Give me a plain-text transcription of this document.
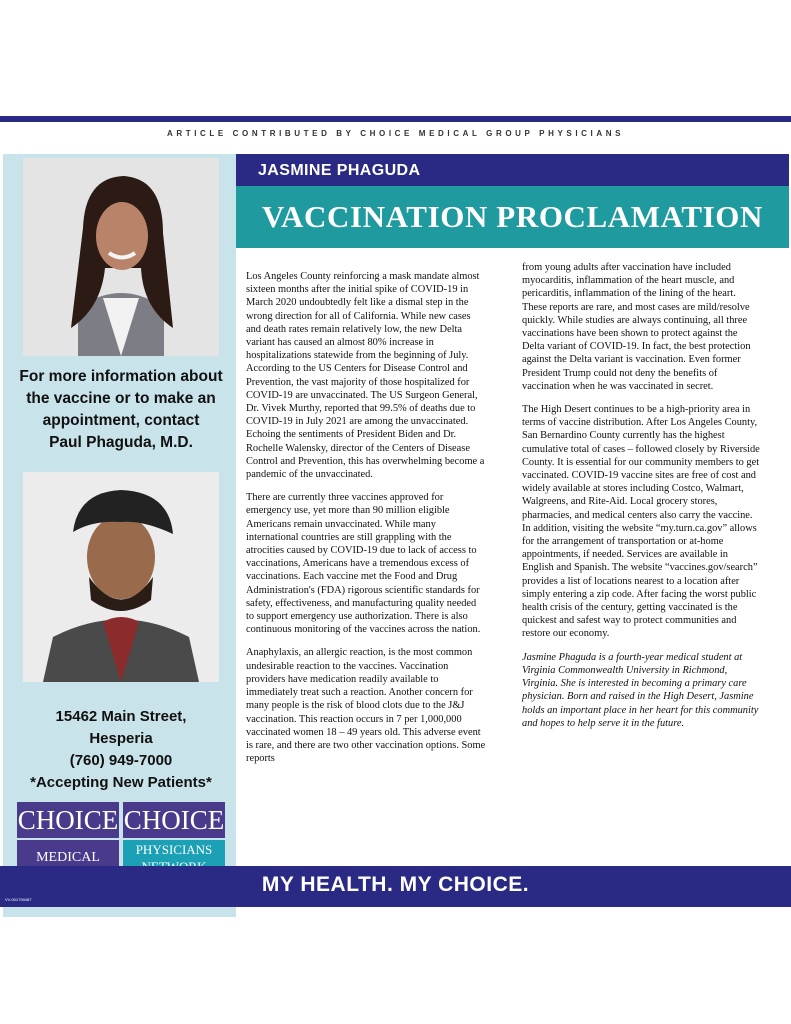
ARTICLE CONTRIBUTED BY CHOICE MEDICAL GROUP PHYSICIANS
For more information about
the vaccine or to make an
appointment, contact
Paul Phaguda, M.D.
15462 Main Street,
Hesperia
(760) 949-7000
*Accepting New Patients*
CHOICE
MEDICAL
CHOICE
PHYSICIANS
JASMINE PHAGUDA
VACCINATION PROCLAMATION

Los Angeles County reinforcing a mask mandate almost sixteen months after the initial spike of COVID-19 in March 2020 undoubtedly felt like a dismal step in the wrong direction for all of California. While new cases and death rates remain relatively low, the new Delta variant has caused an almost 80% increase in hospitalizations statewide from the beginning of July. According to the US Centers for Disease Control and Prevention, the vast majority of those hospitalized for COVID-19 are unvaccinated. The US Surgeon General, Dr. Vivek Murthy, reported that 99.5% of deaths due to COVID-19 in July 2021 are among the unvaccinated. Echoing the sentiments of President Biden and Dr. Rochelle Walensky, director of the Centers of Disease Control and Prevention, this has overwhelming become a pandemic of the unvaccinated.

There are currently three vaccines approved for emergency use, yet more than 90 million eligible Americans remain unvaccinated. While many international countries are still grappling with the atrocities caused by COVID-19 due to lack of access to vaccinations, Americans have a tremendous excess of vaccinations. Each vaccine met the Food and Drug Administration's (FDA) rigorous scientific standards for safety, effectiveness, and manufacturing quality needed to support emergency use authorization. There is also continuous monitoring of the vaccines across the nation.

Anaphylaxis, an allergic reaction, is the most common undesirable reaction to the vaccines. Vaccination providers have medication readily available to immediately treat such a reaction. Another concern for many people is the risk of blood clots due to the J&J vaccination. This reaction occurs in 7 per 1,000,000 vaccinated women 18 – 49 years old. This adverse event is rare, and there are two other vaccination options. Some reports

from young adults after vaccination have included myocarditis, inflammation of the heart muscle, and pericarditis, inflammation of the lining of the heart. These reports are rare, and most cases are mild/resolve quickly. While studies are always continuing, all three vaccinations have been shown to protect against the Delta variant of COVID-19. In fact, the best protection against the Delta variant is vaccination. Even former President Trump could not deny the benefits of vaccination when he was vaccinated in secret.

The High Desert continues to be a high-priority area in terms of vaccine distribution. After Los Angeles County, San Bernardino County currently has the highest cumulative total of cases – followed closely by Riverside County. It is essential for our community members to get vaccinated. COVID-19 vaccine sites are free of cost and widely available at stores including Costco, Walmart, Walgreens, and Rite-Aid. Local grocery stores, pharmacies, and medical centers also carry the vaccine. In addition, visiting the website “my.turn.ca.gov” allows for the arrangement of transportation or at-home appointments, if needed. Services are available in English and Spanish. The website “vaccines.gov/search” provides a list of locations nearest to a location after simply entering a zip code. After facing the worst public health crisis of the century, getting vaccinated is the quickest and safest way to protect communities and restore our economy.

Jasmine Phaguda is a fourth-year medical student at Virginia Commonwealth University in Richmond, Virginia. She is interested in becoming a primary care physician. Born and raised in the High Desert, Jasmine holds an important place in her heart for this community and hopes to help serve it in the future.

MY HEALTH. MY CHOICE.
VV-001790487
